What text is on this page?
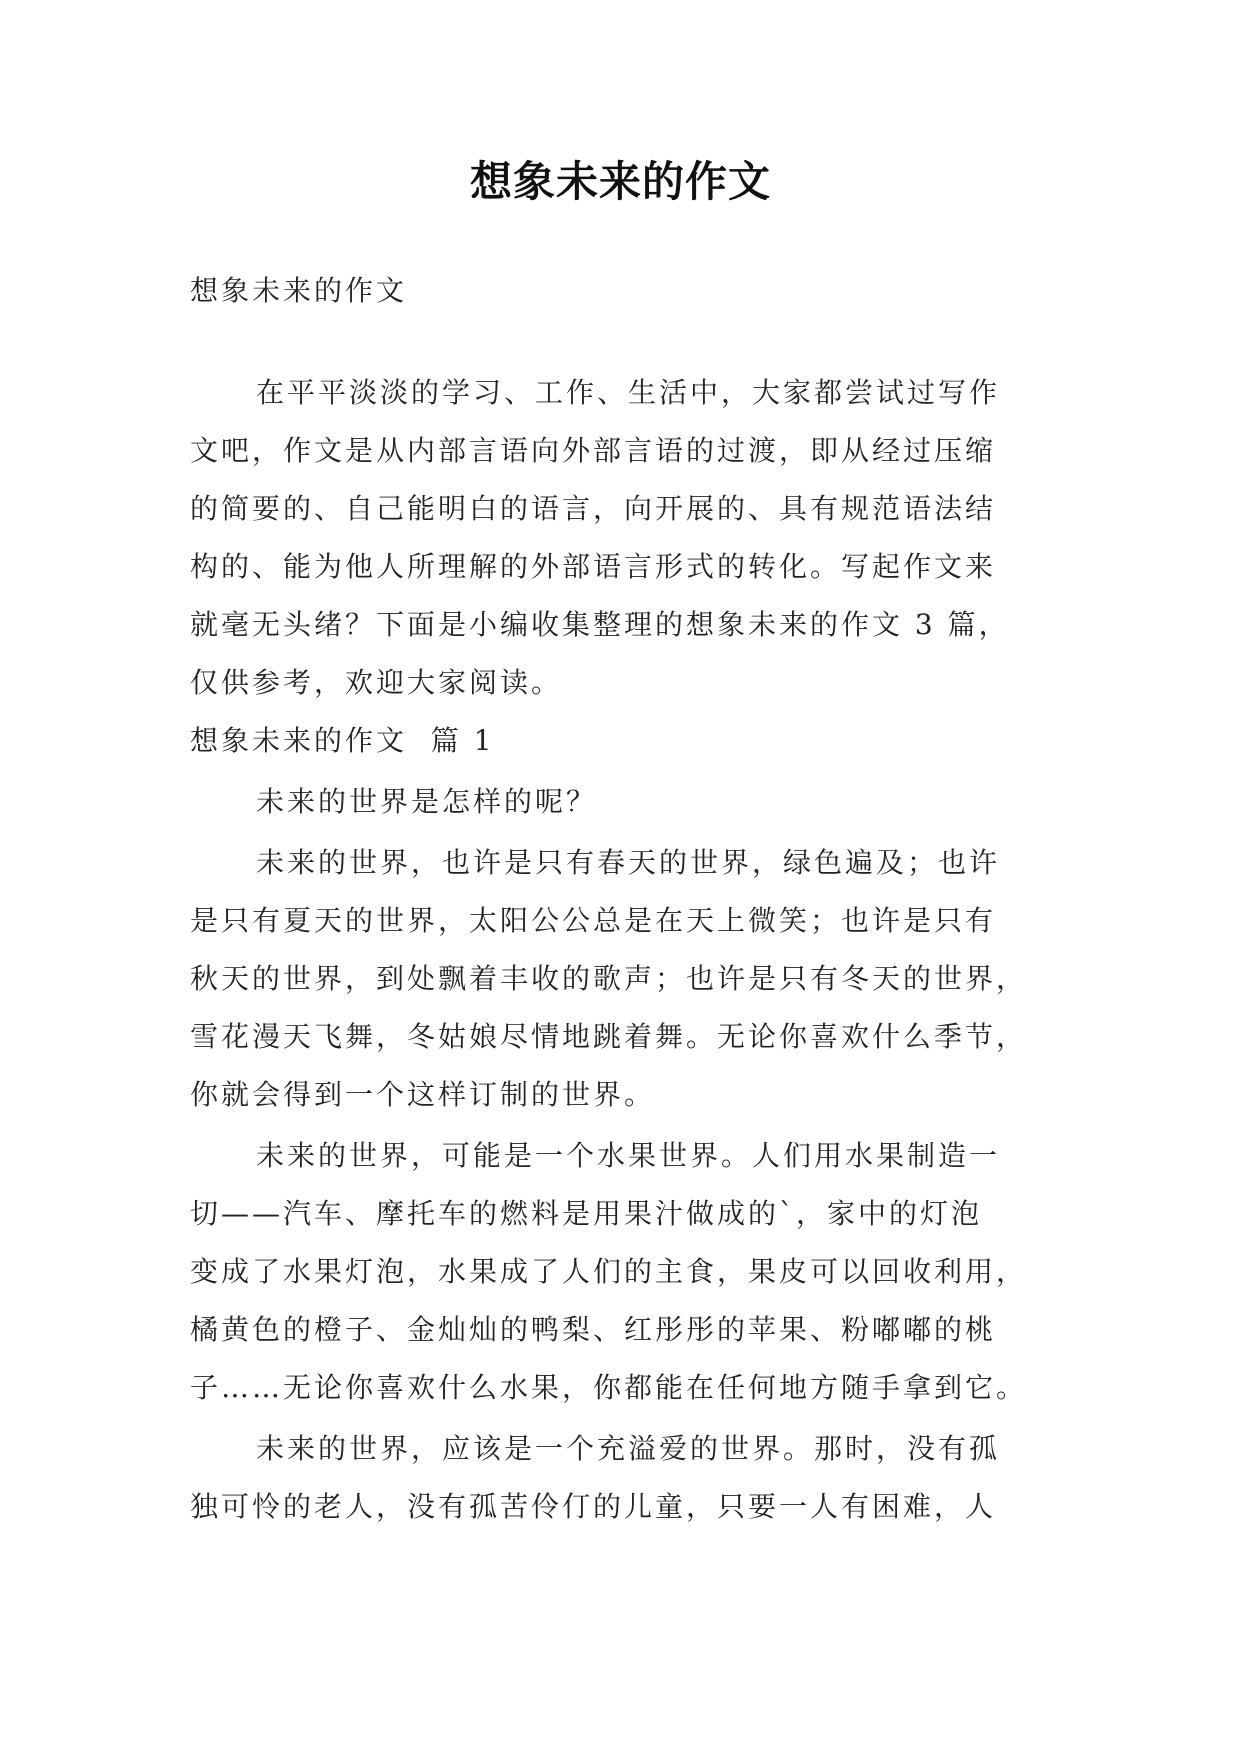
想象未来的作文
想象未来的作文
在平平淡淡的学习、工作、生活中，大家都尝试过写作
文吧，作文是从内部言语向外部言语的过渡，即从经过压缩
的简要的、自己能明白的语言，向开展的、具有规范语法结
构的、能为他人所理解的外部语言形式的转化。写起作文来
就毫无头绪？下面是小编收集整理的想象未来的作文 3 篇，
仅供参考，欢迎大家阅读。
想象未来的作文  篇 1
未来的世界是怎样的呢？
未来的世界，也许是只有春天的世界，绿色遍及；也许
是只有夏天的世界，太阳公公总是在天上微笑；也许是只有
秋天的世界，到处飘着丰收的歌声；也许是只有冬天的世界，
雪花漫天飞舞，冬姑娘尽情地跳着舞。无论你喜欢什么季节，
你就会得到一个这样订制的世界。
未来的世界，可能是一个水果世界。人们用水果制造一
切——汽车、摩托车的燃料是用果汁做成的`，家中的灯泡
变成了水果灯泡，水果成了人们的主食，果皮可以回收利用，
橘黄色的橙子、金灿灿的鸭梨、红彤彤的苹果、粉嘟嘟的桃
子……无论你喜欢什么水果，你都能在任何地方随手拿到它。
未来的世界，应该是一个充溢爱的世界。那时，没有孤
独可怜的老人，没有孤苦伶仃的儿童，只要一人有困难，人
